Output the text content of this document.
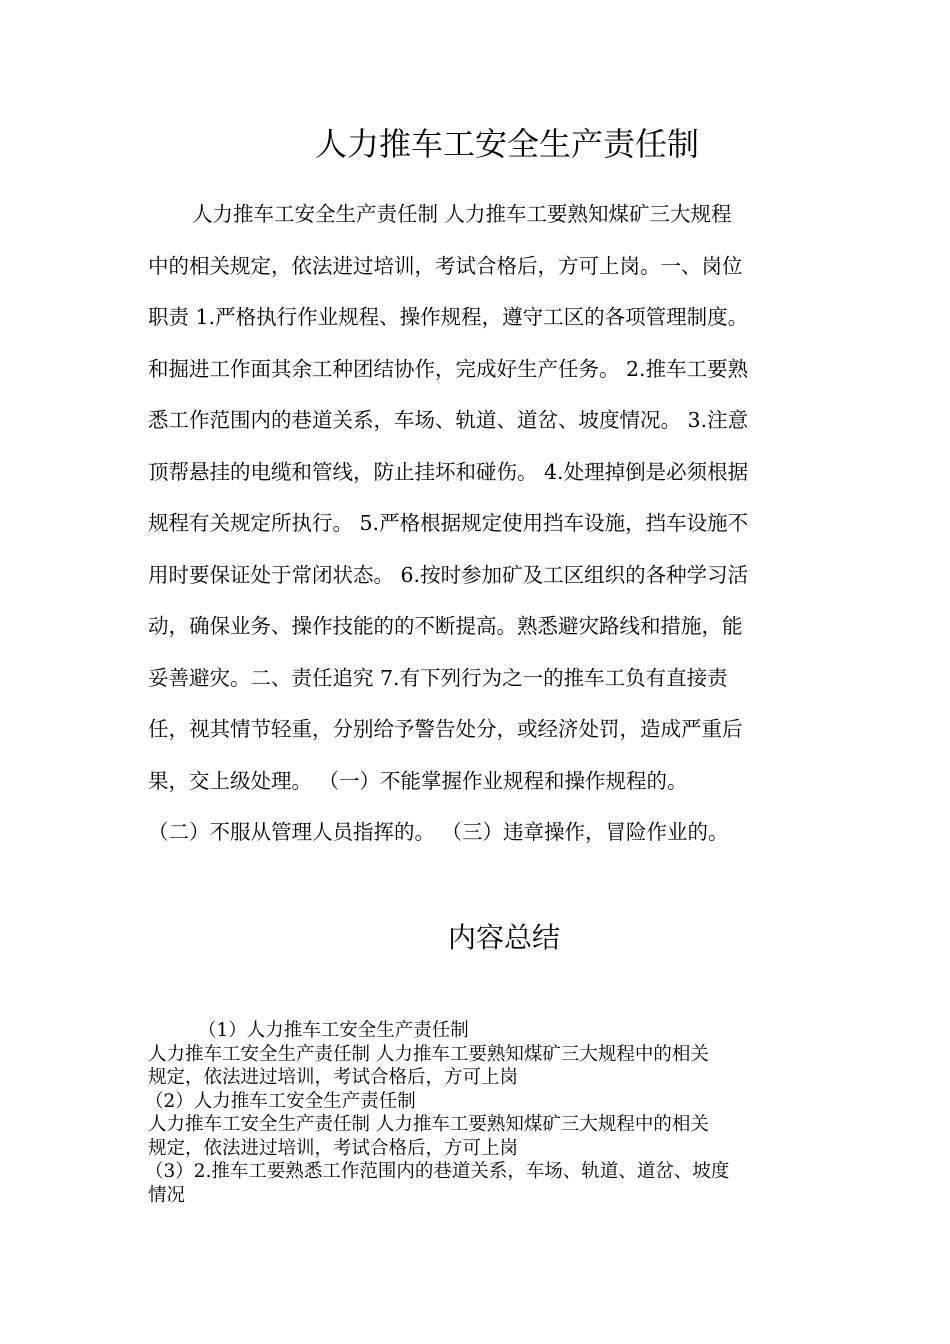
人力推车工安全生产责任制
人力推车工安全生产责任制 人力推车工要熟知煤矿三大规程
中的相关规定，依法进过培训，考试合格后，方可上岗。一、岗位
职责 1.严格执行作业规程、操作规程，遵守工区的各项管理制度。
和掘进工作面其余工种团结协作，完成好生产任务。 2.推车工要熟
悉工作范围内的巷道关系，车场、轨道、道岔、坡度情况。 3.注意
顶帮悬挂的电缆和管线，防止挂坏和碰伤。 4.处理掉倒是必须根据
规程有关规定所执行。 5.严格根据规定使用挡车设施，挡车设施不
用时要保证处于常闭状态。 6.按时参加矿及工区组织的各种学习活
动，确保业务、操作技能的的不断提高。熟悉避灾路线和措施，能
妥善避灾。二、责任追究 7.有下列行为之一的推车工负有直接责
任，视其情节轻重，分别给予警告处分，或经济处罚，造成严重后
果，交上级处理。 （一）不能掌握作业规程和操作规程的。
（二）不服从管理人员指挥的。 （三）违章操作，冒险作业的。
内容总结
（1）人力推车工安全生产责任制
人力推车工安全生产责任制 人力推车工要熟知煤矿三大规程中的相关
规定，依法进过培训，考试合格后，方可上岗
（2）人力推车工安全生产责任制
人力推车工安全生产责任制 人力推车工要熟知煤矿三大规程中的相关
规定，依法进过培训，考试合格后，方可上岗
（3）2.推车工要熟悉工作范围内的巷道关系，车场、轨道、道岔、坡度
情况
